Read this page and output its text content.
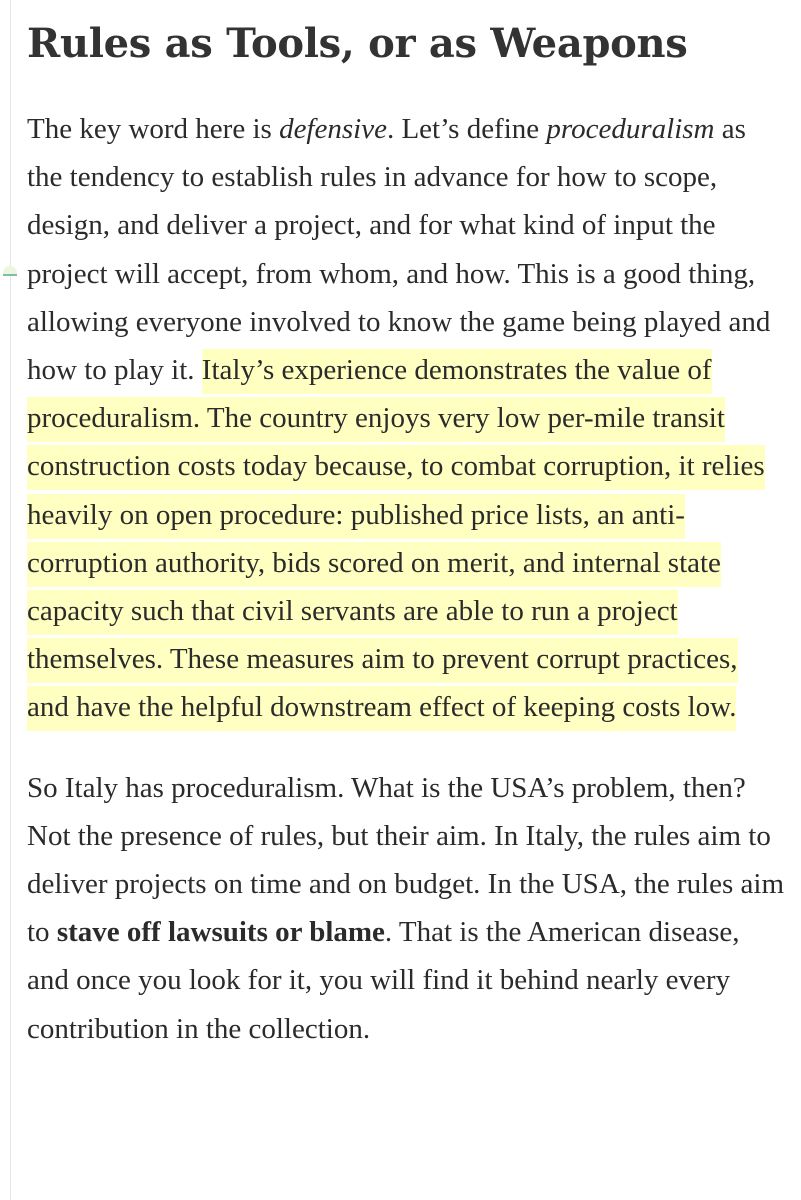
Rules as Tools, or as Weapons

The key word here is defensive. Let’s define proceduralism as the tendency to establish rules in advance for how to scope, design, and deliver a project, and for what kind of input the project will accept, from whom, and how. This is a good thing, allowing everyone involved to know the game being played and how to play it. Italy’s experience demonstrates the value of proceduralism. The country enjoys very low per-mile transit construction costs today because, to combat corruption, it relies heavily on open procedure: published price lists, an anti-corruption authority, bids scored on merit, and internal state capacity such that civil servants are able to run a project themselves. These measures aim to prevent corrupt practices, and have the helpful downstream effect of keeping costs low.

So Italy has proceduralism. What is the USA’s problem, then? Not the presence of rules, but their aim. In Italy, the rules aim to deliver projects on time and on budget. In the USA, the rules aim to stave off lawsuits or blame. That is the American disease, and once you look for it, you will find it behind nearly every contribution in the collection.
